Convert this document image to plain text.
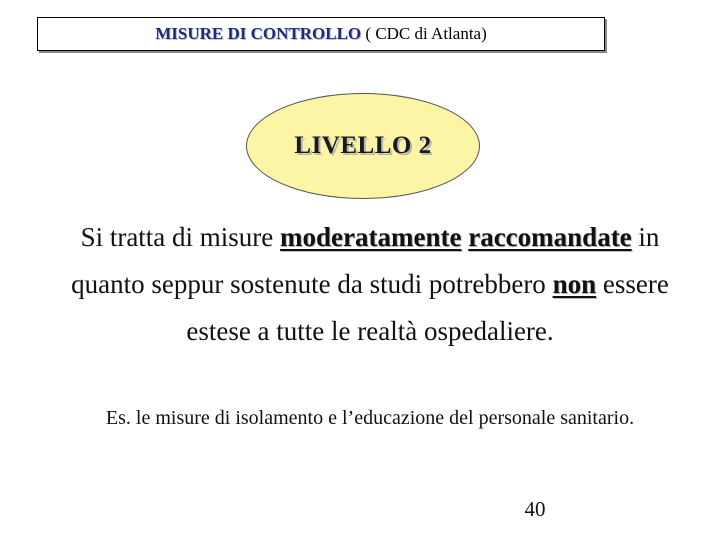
MISURE DI CONTROLLO ( CDC di Atlanta)
LIVELLO 2
Si tratta di misure moderatamente raccomandate in quanto seppur sostenute da studi potrebbero non essere estese a tutte le realtà ospedaliere.
Es. le misure di isolamento e l’educazione del personale sanitario.
40
